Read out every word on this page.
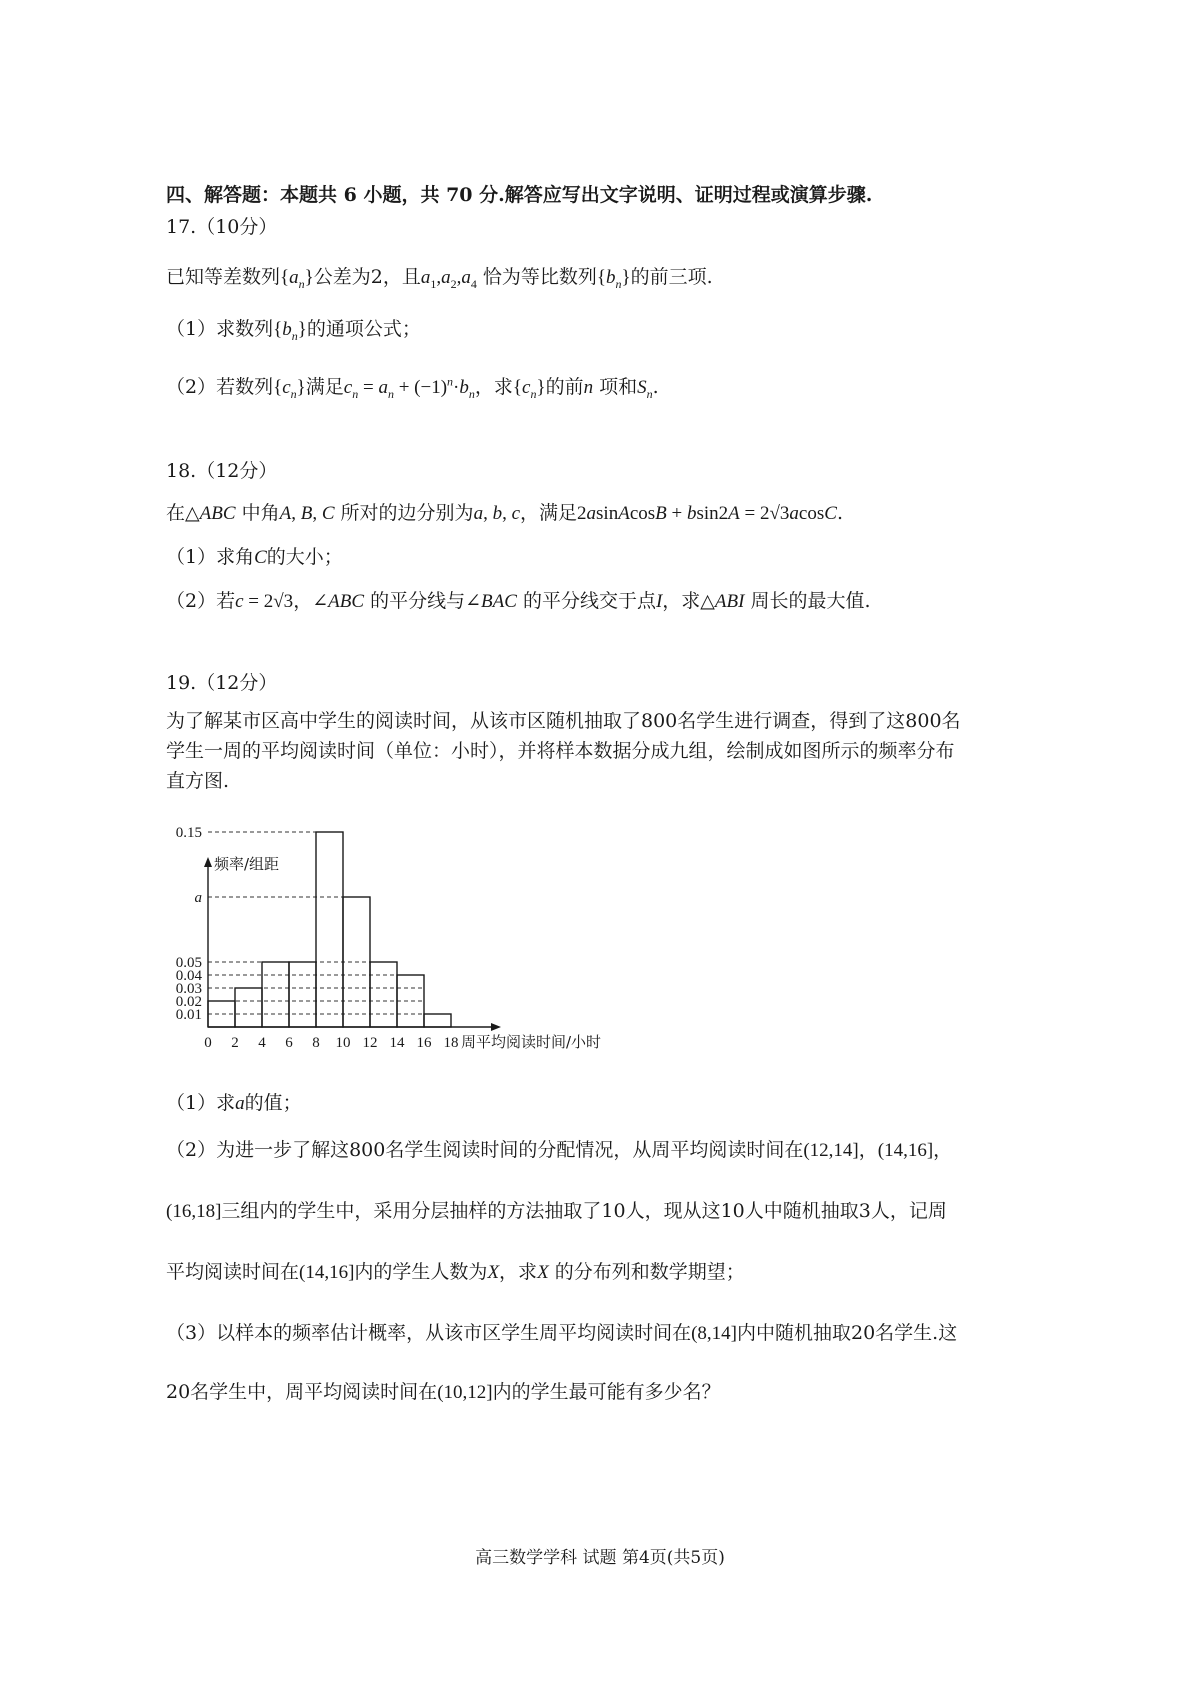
四、解答题：本题共 6 小题，共 70 分.解答应写出文字说明、证明过程或演算步骤.
17.（10分）
已知等差数列$\{a_n\}$公差为2，且$a_1,a_2,a_4$ 恰为等比数列$\{b_n\}$的前三项.
（1）求数列$\{b_n\}$的通项公式；
（2）若数列$\{c_n\}$满足$c_n = a_n + (-1)^n\cdot b_n$，求$\{c_n\}$的前n 项和$S_n$.
18.（12分）
在△ABC 中角A, B, C 所对的边分别为a, b, c，满足2asinAcosB + bsin2A = 2√3acosC.
（1）求角C的大小；
（2）若c = 2√3，∠ABC 的平分线与∠BAC 的平分线交于点I，求△ABI 周长的最大值.
19.（12分）
为了解某市区高中学生的阅读时间，从该市区随机抽取了800名学生进行调查，得到了这800名
学生一周的平均阅读时间（单位：小时），并将样本数据分成九组，绘制成如图所示的频率分布
直方图.
0.01
0.02
0.03
0.04
0.05
a
0.15
0 2 4 6 8 10 12 14 16 18
频率/组距
周平均阅读时间/小时
（1）求a的值；
（2）为进一步了解这800名学生阅读时间的分配情况，从周平均阅读时间在(12,14]，(14,16]，
(16,18]三组内的学生中，采用分层抽样的方法抽取了10人，现从这10人中随机抽取3人，记周
平均阅读时间在(14,16]内的学生人数为X，求X 的分布列和数学期望；
（3）以样本的频率估计概率，从该市区学生周平均阅读时间在(8,14]内中随机抽取20名学生.这
20名学生中，周平均阅读时间在(10,12]内的学生最可能有多少名？
高三数学学科 试题 第4页(共5页)
